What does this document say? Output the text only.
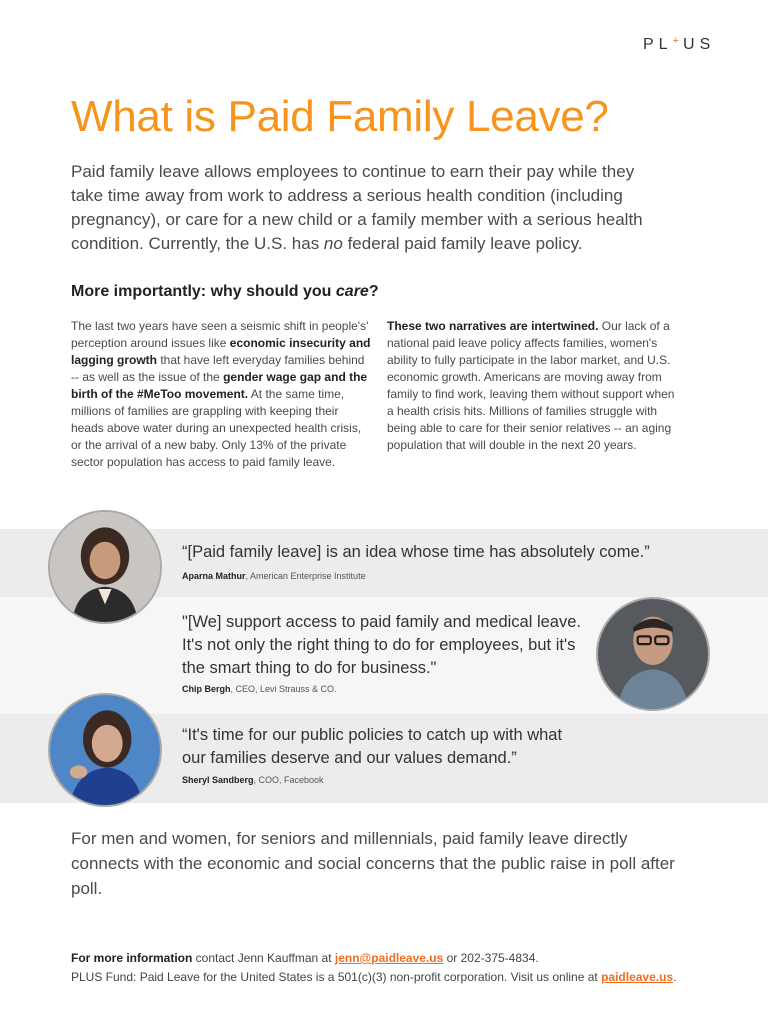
PL+ US
What is Paid Family Leave?

Paid family leave allows employees to continue to earn their pay while they take time away from work to address a serious health condition (including pregnancy), or care for a new child or a family member with a serious health condition. Currently, the U.S. has no federal paid family leave policy.

More importantly: why should you care?

The last two years have seen a seismic shift in people's' perception around issues like economic insecurity and lagging growth that have left everyday families behind -- as well as the issue of the gender wage gap and the birth of the #MeToo movement. At the same time, millions of families are grappling with keeping their heads above water during an unexpected health crisis, or the arrival of a new baby. Only 13% of the private sector population has access to paid family leave.

These two narratives are intertwined. Our lack of a national paid leave policy affects families, women's ability to fully participate in the labor market, and U.S. economic growth. Americans are moving away from family to find work, leaving them without support when a health crisis hits. Millions of families struggle with being able to care for their senior relatives -- an aging population that will double in the next 20 years.

“[Paid family leave] is an idea whose time has absolutely come.”

Aparna Mathur, American Enterprise Institute

"[We] support access to paid family and medical leave.
It's not only the right thing to do for employees, but it's
the smart thing to do for business."

Chip Bergh, CEO, Levi Strauss & CO.

“It's time for our public policies to catch up with what
our families deserve and our values demand.”

Sheryl Sandberg, COO, Facebook

For men and women, for seniors and millennials, paid family leave directly connects with the economic and social concerns that the public raise in poll after poll.

For more information contact Jenn Kauffman at jenn@paidleave.us or 202-375-4834.
PLUS Fund: Paid Leave for the United States is a 501(c)(3) non-profit corporation. Visit us online at paidleave.us.
